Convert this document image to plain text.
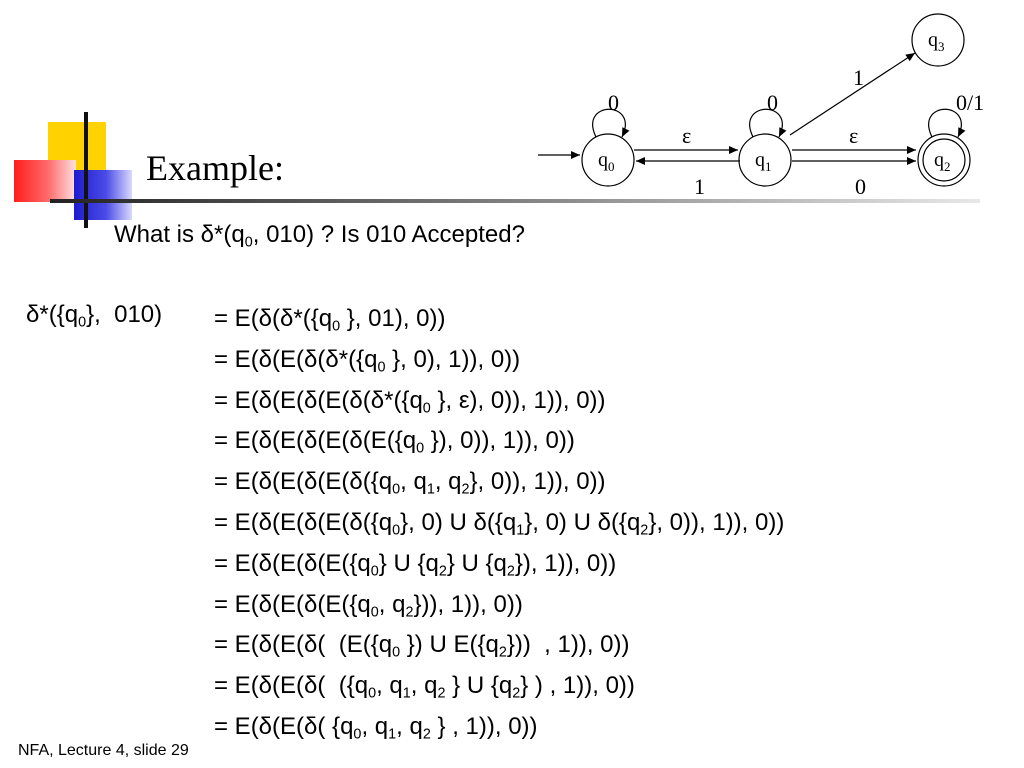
Example:	$q_0$	$q_1$	$q_2$
$q_3$
0	0	0/1
ε
1
ε
0
1
What is $\delta*(q_0$, 010) ? Is 010 Accepted?
$\delta*(\{q_0\}$,  $010) = E(\delta(\delta*(\{q_0$ }, 01), 0))
= $E(\delta(E(\delta(\delta*(\{q_0$ }, 0), 1)), 0))
= $E(\delta(E(\delta(E(\delta(\delta*(\{q_0$ }, ε), 0)), 1)), 0))
= $E(\delta(E(\delta(E(\delta(E(\{q_0$ }), 0)), 1)), 0))
= $E(\delta(E(\delta(E(\delta(\{q_0$, $q_1$, $q_2$}, 0)), 1)), 0))
= $E(\delta(E(\delta(E(\delta(\{q_0\}$, 0) U $\delta(\{q_1\}$, 0) U $\delta(\{q_2\}$, 0)), 1)), 0))
= $E(\delta(E(\delta(E(\{q_0\}$ U $\{q_2\}$ U $\{q_2\}$), 1)), 0))
= $E(\delta(E(\delta(E(\{q_0$, $q_2$})), 1)), 0))
= E(δ(E(δ(  ($E(\{q_0$ }) U $E(\{q_2\})$)  , 1)), 0))
= E(δ(E(δ(  ({$q_0$, $q_1$, $q_2$ } U $\{q_2\}$ ) , 1)), 0))
= E(δ(E(δ( {$q_0$, $q_1$, $q_2$ } , 1)), 0))
NFA, Lecture 4, slide 29
